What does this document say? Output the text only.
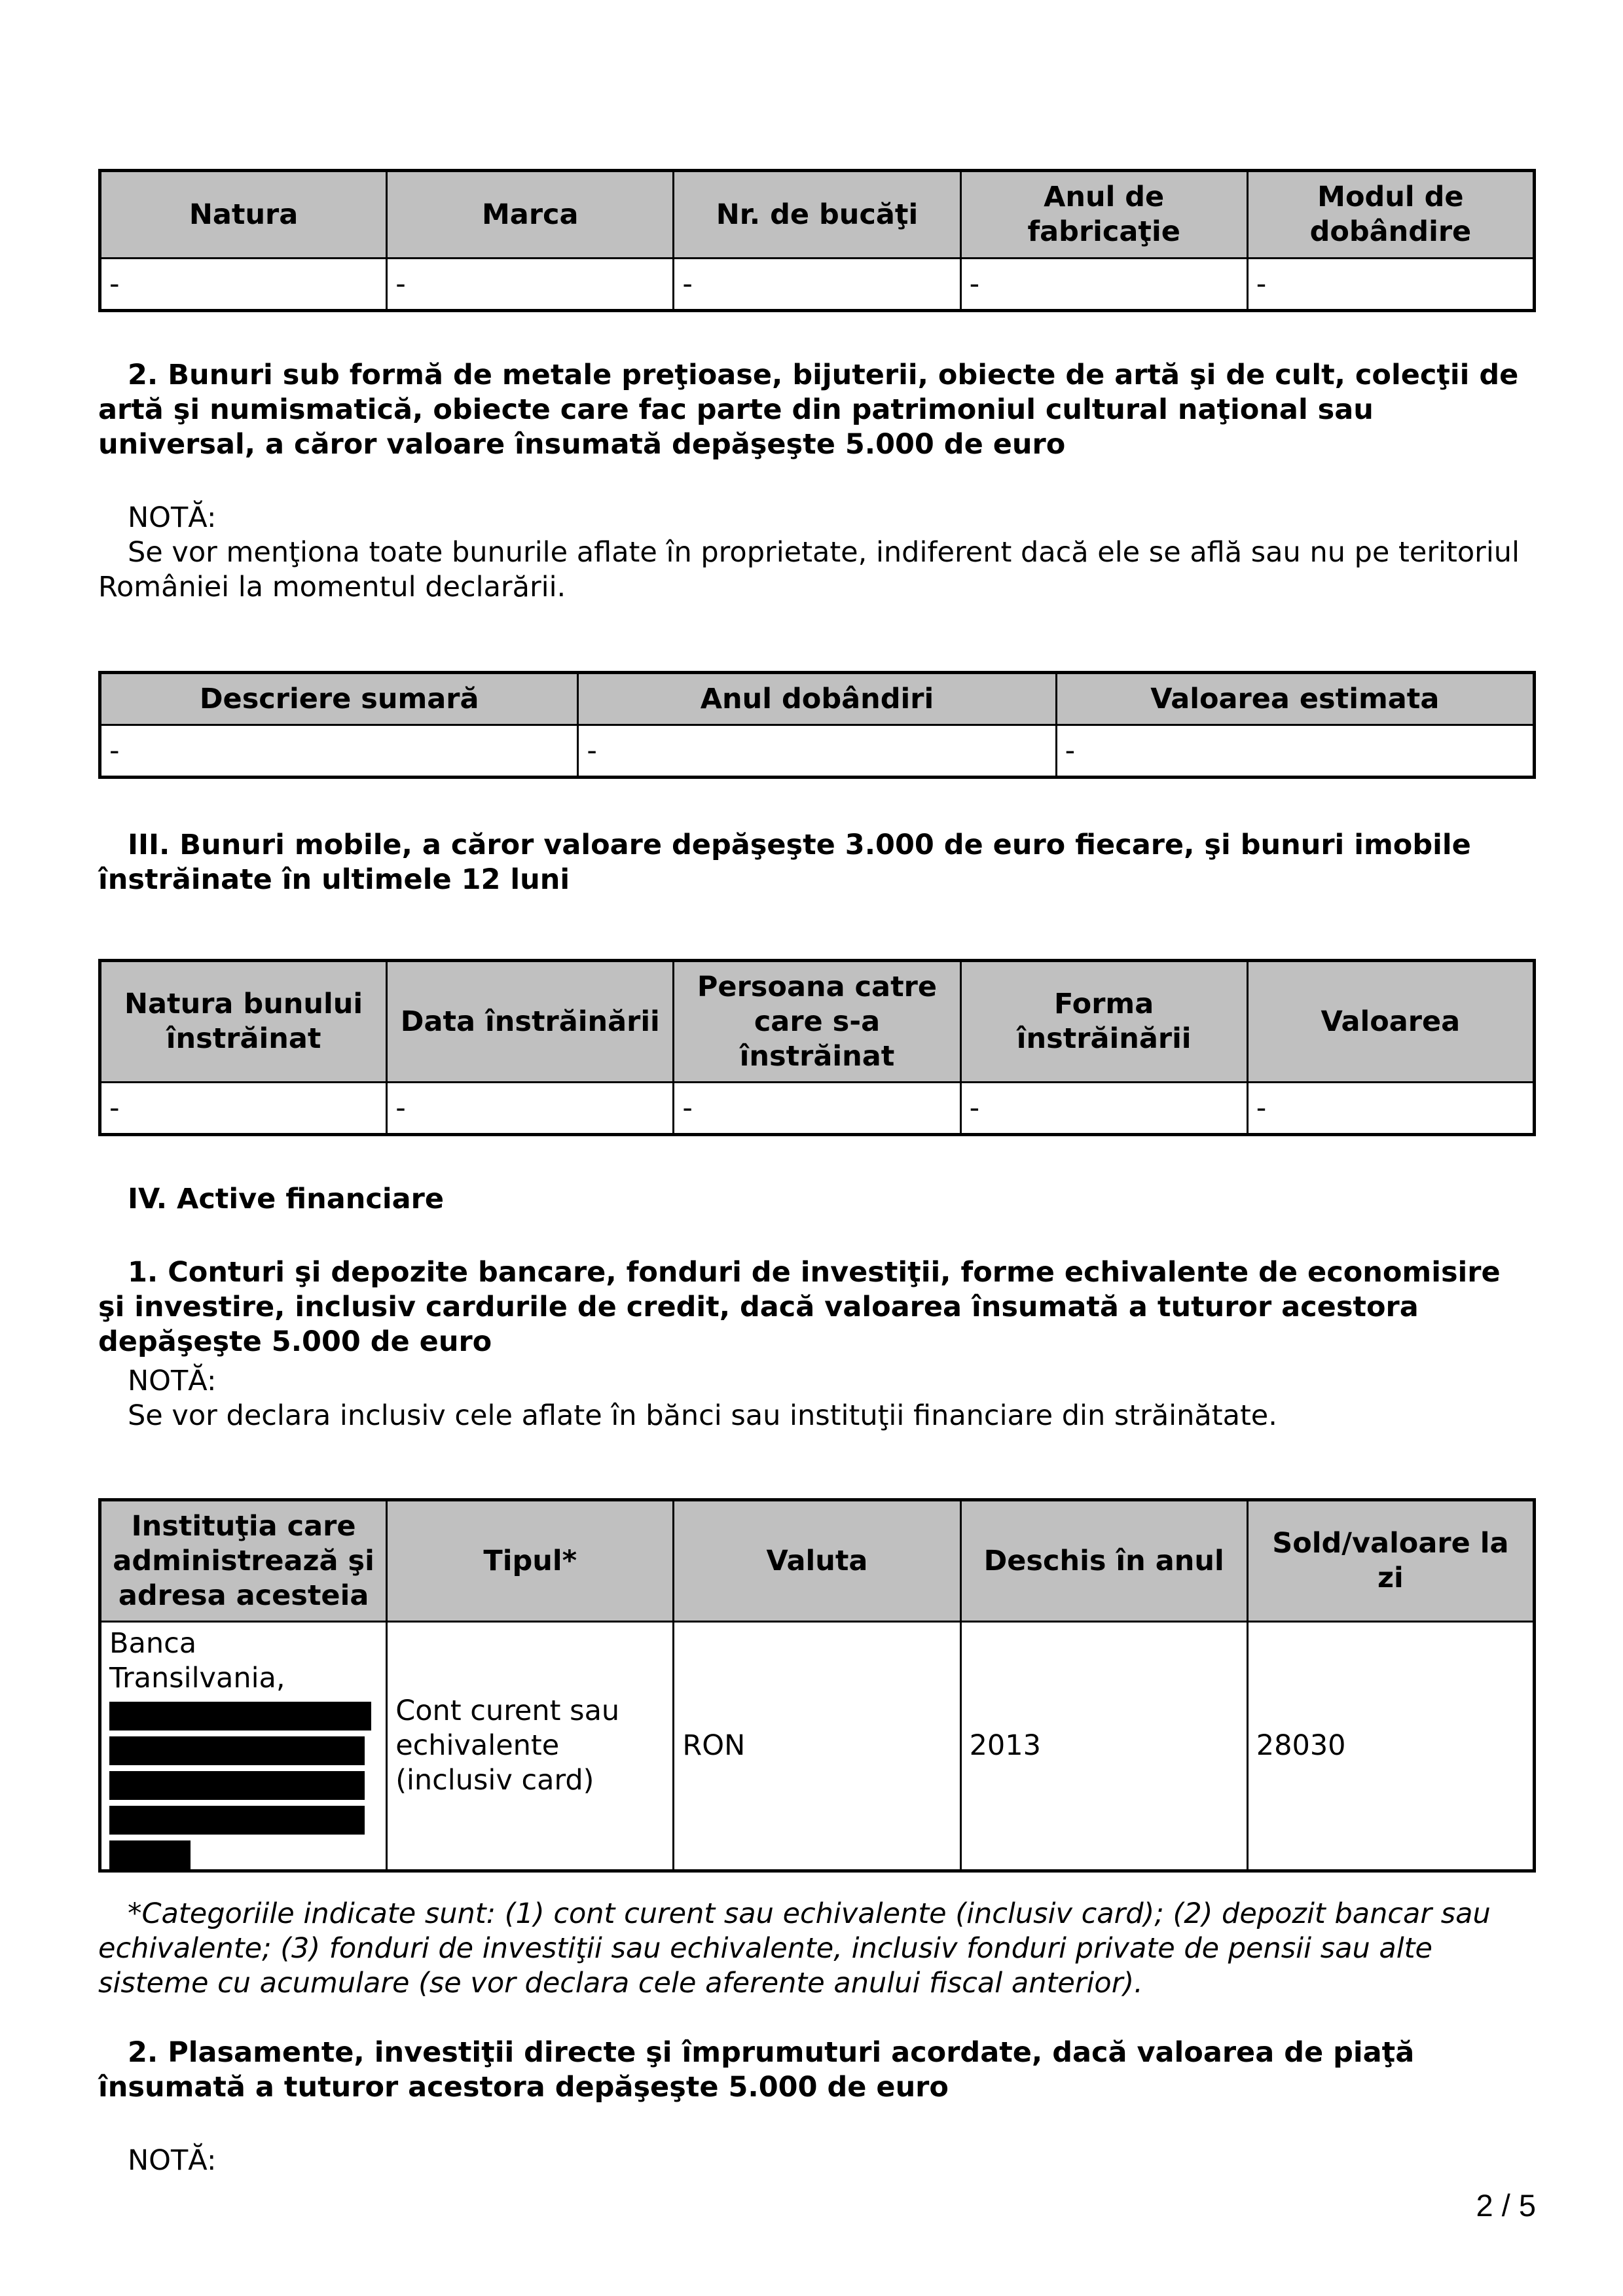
Natura	Marca	Nr. de bucăţi	Anul de fabricaţie	Modul de dobândire
-	-	-	-	-

2. Bunuri sub formă de metale preţioase, bijuterii, obiecte de artă şi de cult, colecţii de artă şi numismatică, obiecte care fac parte din patrimoniul cultural naţional sau universal, a căror valoare însumată depăşeşte 5.000 de euro

NOTĂ:

Se vor menţiona toate bunurile aflate în proprietate, indiferent dacă ele se află sau nu pe teritoriul României la momentul declarării.

Descriere sumară	Anul dobândiri	Valoarea estimata
-	-	-

III. Bunuri mobile, a căror valoare depăşeşte 3.000 de euro fiecare, şi bunuri imobile înstrăinate în ultimele 12 luni

Natura bunului înstrăinat	Data înstrăinării	Persoana catre care s-a înstrăinat	Forma înstrăinării	Valoarea
-	-	-	-	-

IV. Active financiare

1. Conturi şi depozite bancare, fonduri de investiţii, forme echivalente de economisire şi investire, inclusiv cardurile de credit, dacă valoarea însumată a tuturor acestora depăşeşte 5.000 de euro

NOTĂ:

Se vor declara inclusiv cele aflate în bănci sau instituţii financiare din străinătate.

Instituţia care administrează şi adresa acesteia	Tipul*	Valuta	Deschis în anul	Sold/valoare la zi
Banca Transilvania,	Cont curent sau echivalente (inclusiv card)	RON	2013	28030

*Categoriile indicate sunt: (1) cont curent sau echivalente (inclusiv card); (2) depozit bancar sau echivalente; (3) fonduri de investiţii sau echivalente, inclusiv fonduri private de pensii sau alte sisteme cu acumulare (se vor declara cele aferente anului fiscal anterior).

2. Plasamente, investiţii directe şi împrumuturi acordate, dacă valoarea de piaţă însumată a tuturor acestora depăşeşte 5.000 de euro

NOTĂ:

2 / 5
